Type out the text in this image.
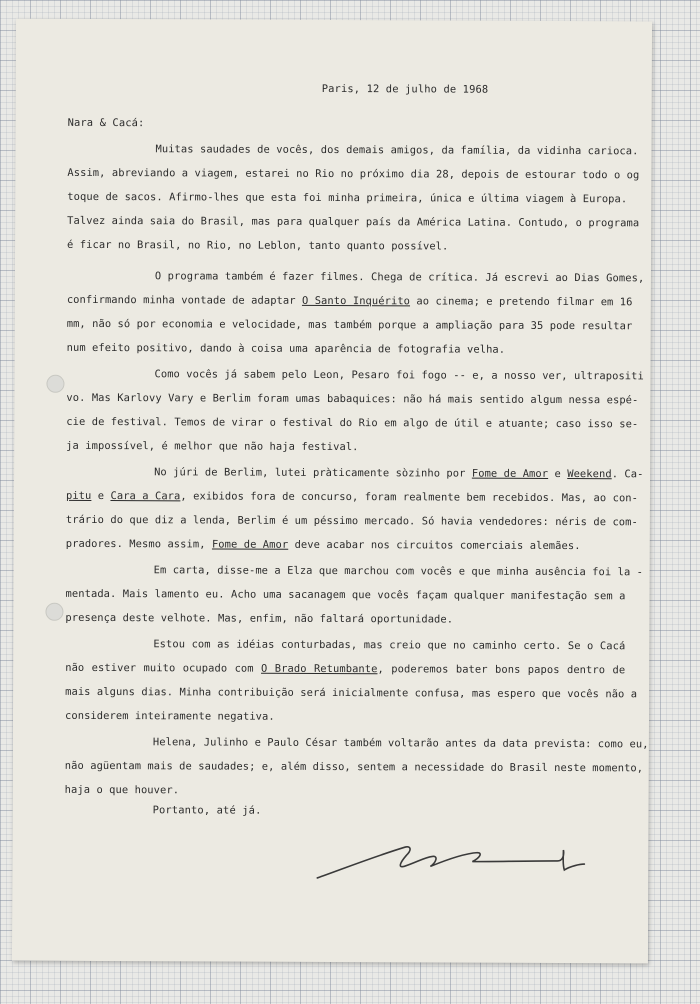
Paris, 12 de julho de 1968
Nara & Cacá:
Muitas saudades de vocês, dos demais amigos, da família, da vidinha carioca.
Assim, abreviando a viagem, estarei no Rio no próximo dia 28, depois de estourar todo o og
toque de sacos. Afirmo-lhes que esta foi minha primeira, única e última viagem à Europa.
Talvez ainda saia do Brasil, mas para qualquer país da América Latina. Contudo, o programa
é ficar no Brasil, no Rio, no Leblon, tanto quanto possível.
O programa também é fazer filmes. Chega de crítica. Já escrevi ao Dias Gomes,
confirmando minha vontade de adaptar O Santo Inquérito ao cinema; e pretendo filmar em 16
mm, não só por economia e velocidade, mas também porque a ampliação para 35 pode resultar
num efeito positivo, dando à coisa uma aparência de fotografia velha.
Como vocês já sabem pelo Leon, Pesaro foi fogo -- e, a nosso ver, ultrapositi
vo. Mas Karlovy Vary e Berlim foram umas babaquices: não há mais sentido algum nessa espé-
cie de festival. Temos de virar o festival do Rio em algo de útil e atuante; caso isso se-
ja impossível, é melhor que não haja festival.
No júri de Berlim, lutei pràticamente sòzinho por Fome de Amor e Weekend. Ca-
pitu e Cara a Cara, exibidos fora de concurso, foram realmente bem recebidos. Mas, ao con-
trário do que diz a lenda, Berlim é um péssimo mercado. Só havia vendedores: néris de com-
pradores. Mesmo assim, Fome de Amor deve acabar nos circuitos comerciais alemães.
Em carta, disse-me a Elza que marchou com vocês e que minha ausência foi la -
mentada. Mais lamento eu. Acho uma sacanagem que vocês façam qualquer manifestação sem a
presença deste velhote. Mas, enfim, não faltará oportunidade.
Estou com as idéias conturbadas, mas creio que no caminho certo. Se o Cacá
não estiver muito ocupado com O Brado Retumbante, poderemos bater bons papos dentro de
mais alguns dias. Minha contribuição será inicialmente confusa, mas espero que vocês não a
considerem inteiramente negativa.
Helena, Julinho e Paulo César também voltarão antes da data prevista: como eu,
não agüentam mais de saudades; e, além disso, sentem a necessidade do Brasil neste momento,
haja o que houver.
Portanto, até já.
